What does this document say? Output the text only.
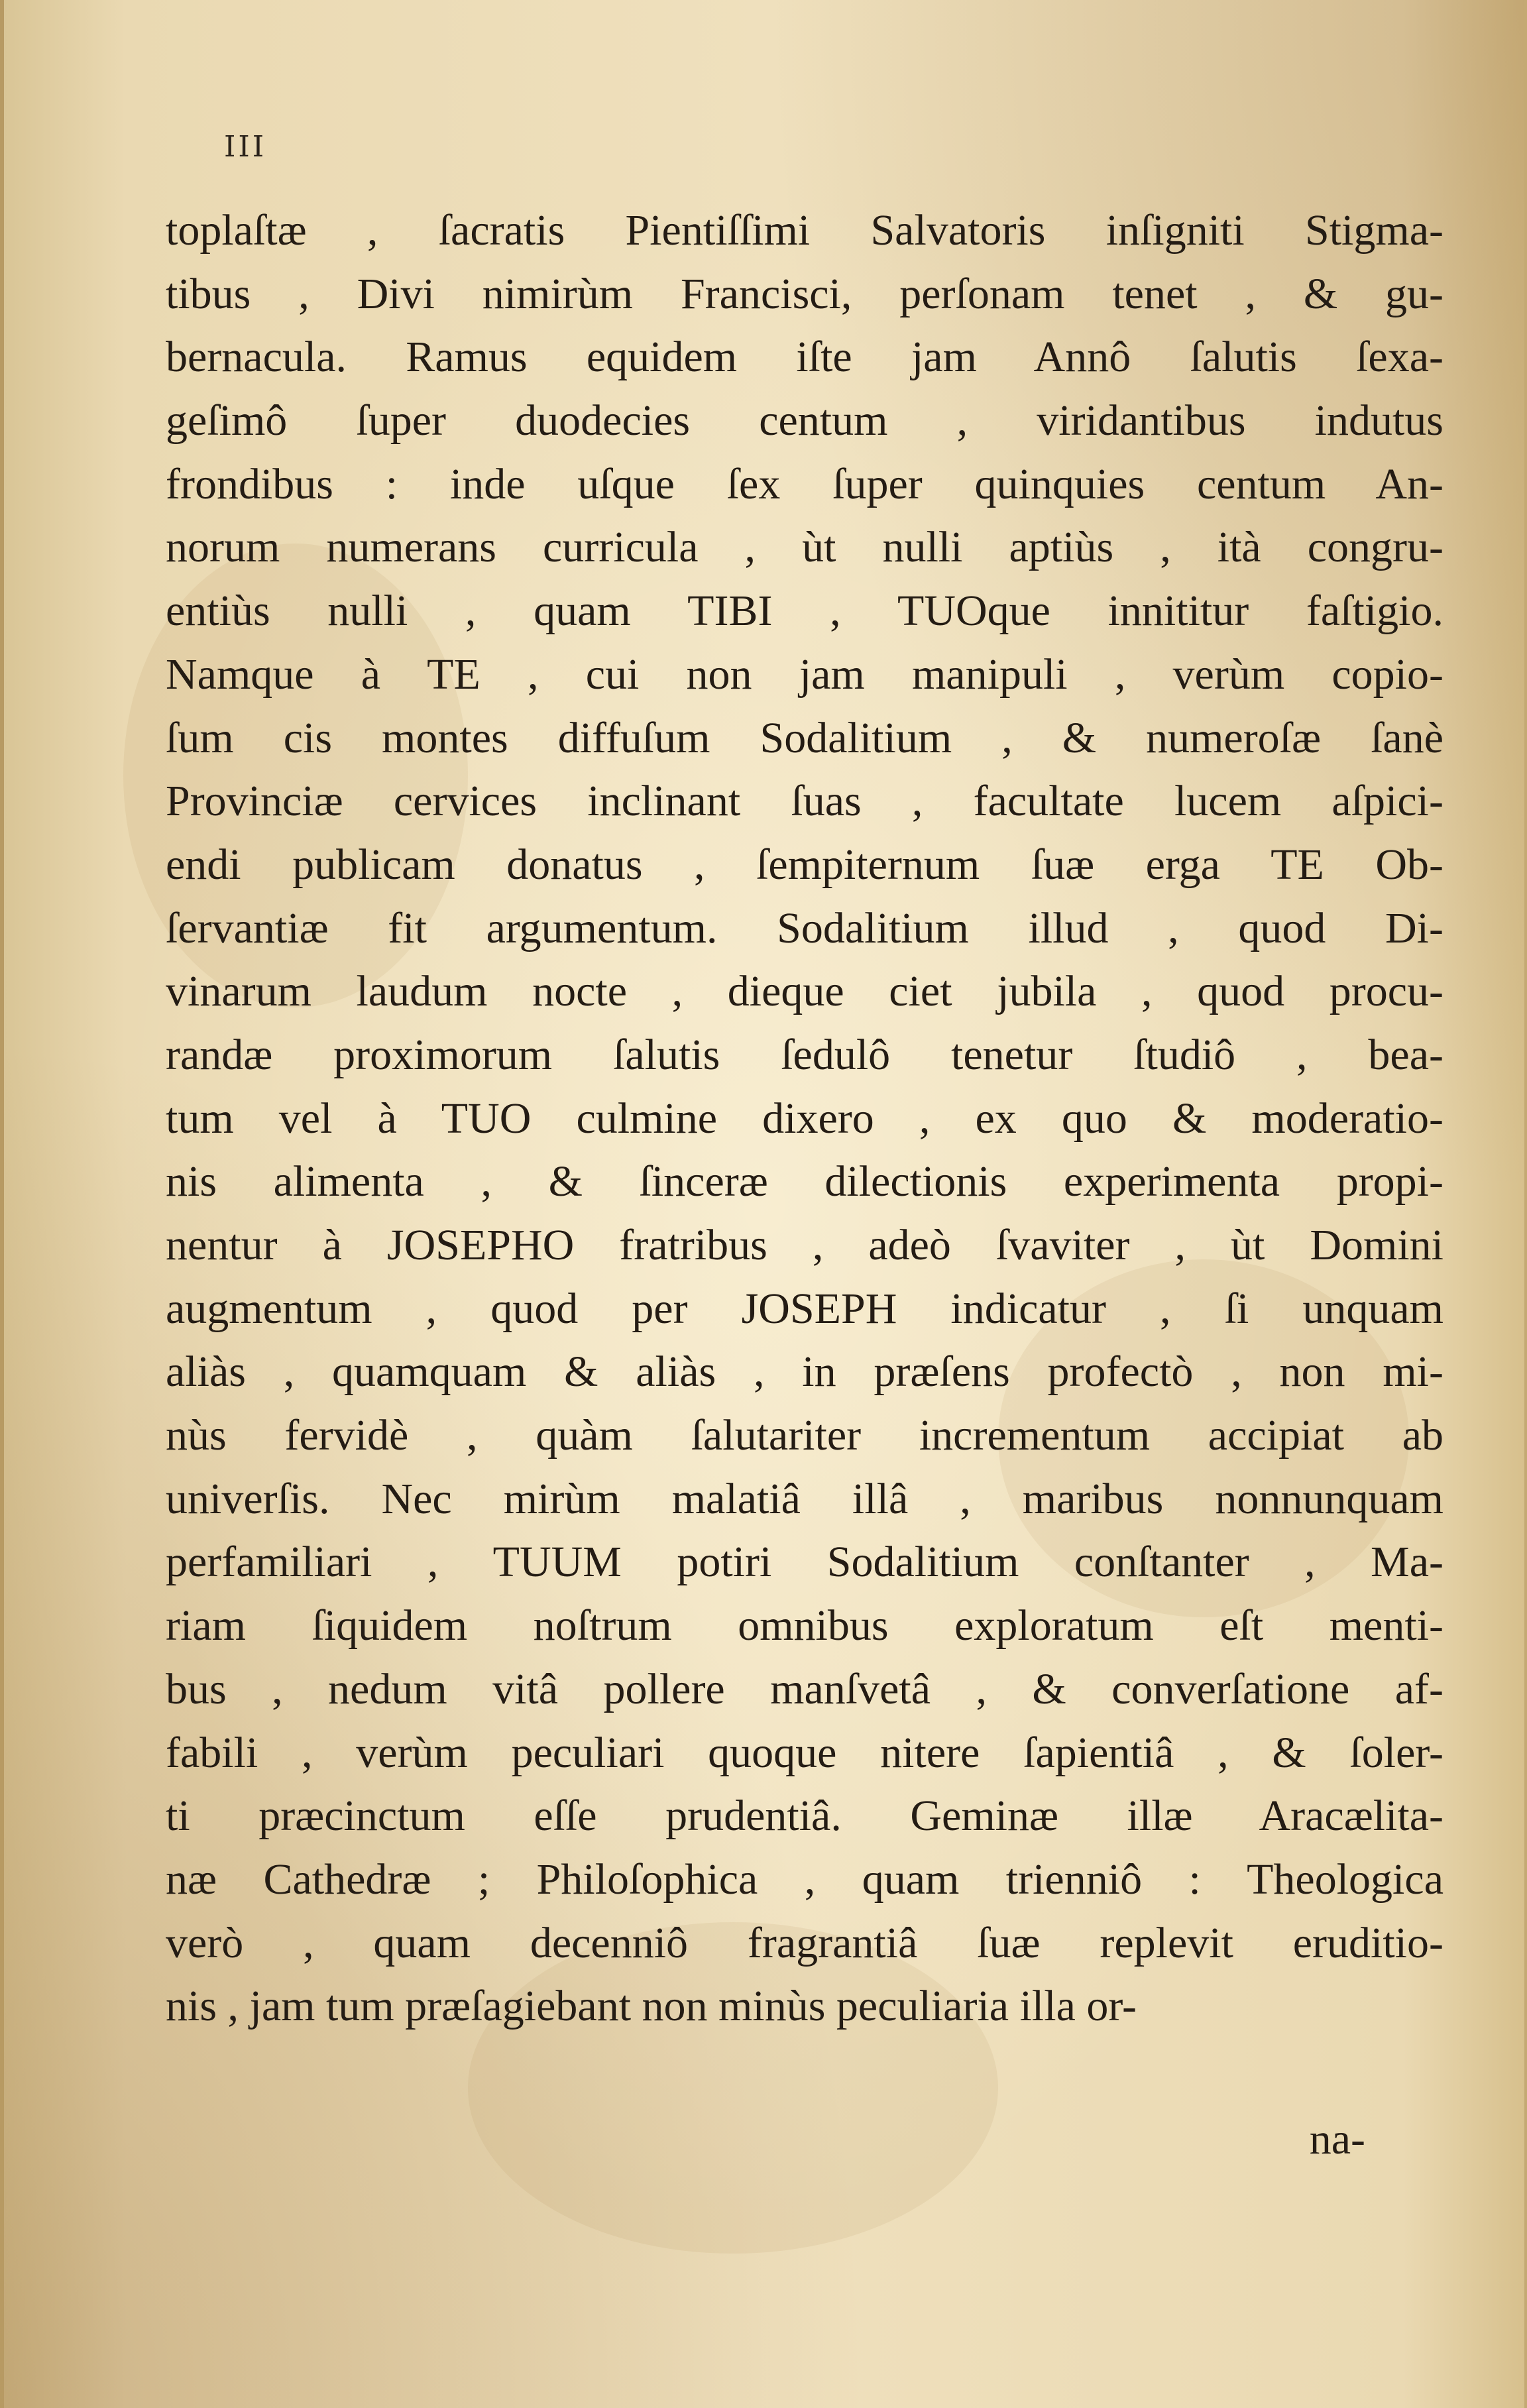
III
toplaſtæ , ſacratis Pientiſſimi Salvatoris inſigniti Stigma-
tibus , Divi nimirùm Francisci, perſonam tenet , & gu-
bernacula. Ramus equidem iſte jam Annô ſalutis ſexa-
geſimô ſuper duodecies centum , viridantibus indutus
frondibus : inde uſque ſex ſuper quinquies centum An-
norum numerans curricula , ùt nulli aptiùs , ità congru-
entiùs nulli , quam TIBI , TUOque innititur faſtigio.
Namque à TE , cui non jam manipuli , verùm copio-
ſum cis montes diffuſum Sodalitium , & numeroſæ ſanè
Provinciæ cervices inclinant ſuas , facultate lucem aſpici-
endi publicam donatus , ſempiternum ſuæ erga TE Ob-
ſervantiæ fit argumentum. Sodalitium illud , quod Di-
vinarum laudum nocte , dieque ciet jubila , quod procu-
randæ proximorum ſalutis ſedulô tenetur ſtudiô , bea-
tum vel à TUO culmine dixero , ex quo & moderatio-
nis alimenta , & ſinceræ dilectionis experimenta propi-
nentur à JOSEPHO fratribus , adeò ſvaviter , ùt Domini
augmentum , quod per JOSEPH indicatur , ſi unquam
aliàs , quamquam & aliàs , in præſens profectò , non mi-
nùs fervidè , quàm ſalutariter incrementum accipiat ab
univerſis. Nec mirùm malatiâ illâ , maribus nonnunquam
perfamiliari , TUUM potiri Sodalitium conſtanter , Ma-
riam ſiquidem noſtrum omnibus exploratum eſt menti-
bus , nedum vitâ pollere manſvetâ , & converſatione af-
fabili , verùm peculiari quoque nitere ſapientiâ , & ſoler-
ti præcinctum eſſe prudentiâ. Geminæ illæ Aracælita-
næ Cathedræ ; Philoſophica , quam trienniô : Theologica
verò , quam decenniô fragrantiâ ſuæ replevit eruditio-
nis , jam tum præſagiebant non minùs peculiaria illa or-
na-
